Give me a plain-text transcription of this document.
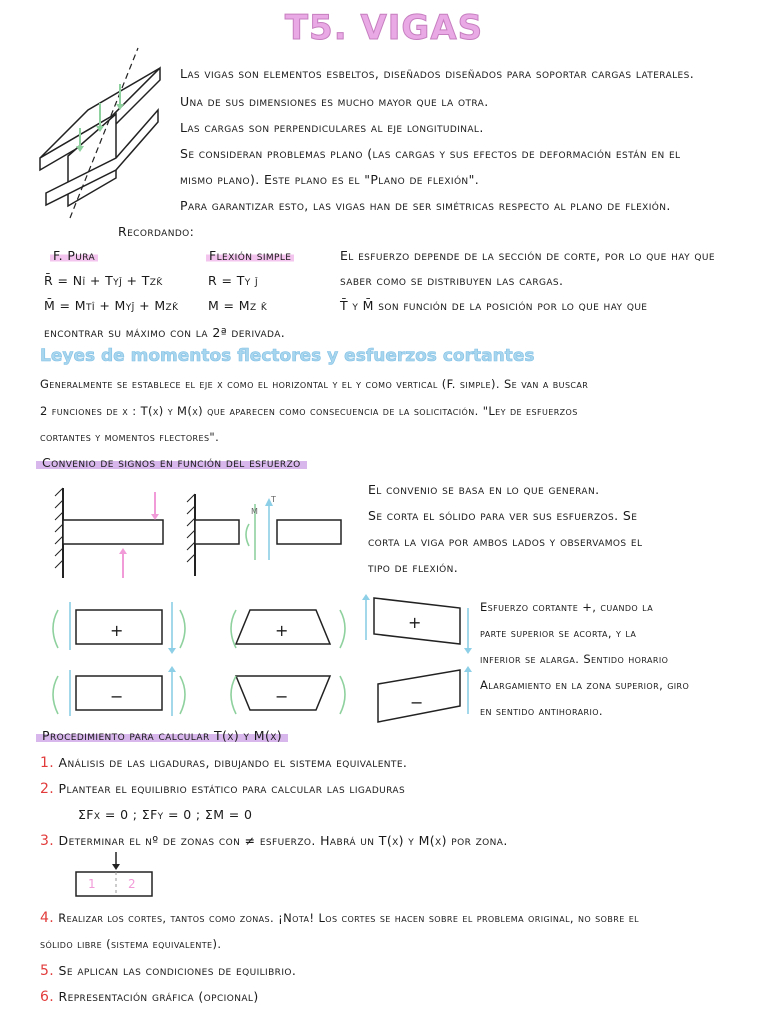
T5. VIGAS
Las vigas son elementos esbeltos, diseñados diseñados para soportar cargas laterales.
Una de sus dimensiones es mucho mayor que la otra.
Las cargas son perpendiculares al eje longitudinal.
Se consideran problemas plano (las cargas y sus efectos de deformación están en el
mismo plano). Este plano es el "Plano de flexión".
Para garantizar esto, las vigas han de ser simétricas respecto al plano de flexión.
Recordando:
F. Pura
R̄ = Nî + Tyĵ + Tzk̂
M̄ = Mtî + Myĵ + Mzk̂
Flexión simple
R = Ty ĵ
M = Mz k̂
El esfuerzo depende de la sección de corte, por lo que hay que
saber como se distribuyen las cargas.
T̄ y M̄ son función de la posición por lo que hay que
encontrar su máximo con la 2ª derivada.
Leyes de momentos flectores y esfuerzos cortantes
Generalmente se establece el eje x como el horizontal y el y como vertical (F. simple). Se van a buscar
2 funciones de x : T(x) y M(x) que aparecen como consecuencia de la solicitación. "Ley de esfuerzos
cortantes y momentos flectores".
Convenio de signos en función del esfuerzo
M
T
El convenio se basa en lo que generan.
Se corta el sólido para ver sus esfuerzos. Se
corta la viga por ambos lados y observamos el
tipo de flexión.
+	+	+
−	−	−
Esfuerzo cortante +, cuando la
parte superior se acorta, y la
inferior se alarga. Sentido horario
Alargamiento en la zona superior, giro
en sentido antihorario.
Procedimiento para calcular T(x) y M(x)
1. Análisis de las ligaduras, dibujando el sistema equivalente.
2. Plantear el equilibrio estático para calcular las ligaduras
ΣFx = 0 ; ΣFy = 0 ; ΣM = 0
3. Determinar el nº de zonas con ≠ esfuerzo. Habrá un T(x) y M(x) por zona.
1	2
4. Realizar los cortes, tantos como zonas. ¡Nota! Los cortes se hacen sobre el problema original, no sobre el
sólido libre (sistema equivalente).
5. Se aplican las condiciones de equilibrio.
6. Representación gráfica (opcional)
